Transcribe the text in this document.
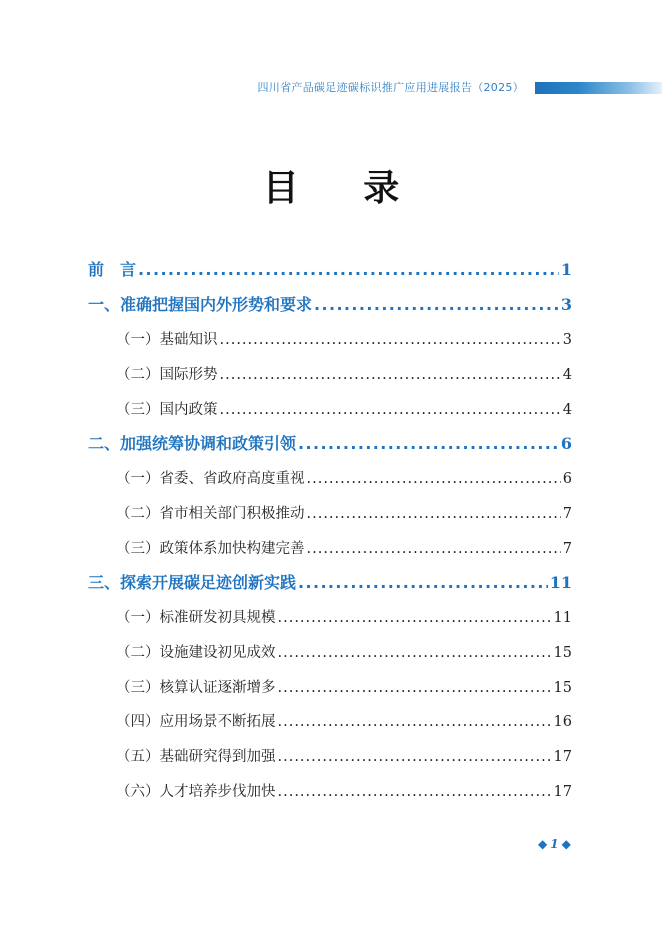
四川省产品碳足迹碳标识推广应用进展报告（2025）
目 录
前　言 .....	1
一、准确把握国内外形势和要求 .....	3
（一）基础知识 .....	3
（二）国际形势 .....	4
（三）国内政策 .....	4
二、加强统筹协调和政策引领 .....	6
（一）省委、省政府高度重视 .....	6
（二）省市相关部门积极推动 .....	7
（三）政策体系加快构建完善 .....	7
三、探索开展碳足迹创新实践 .....	11
（一）标准研发初具规模 .....	11
（二）设施建设初见成效 .....	15
（三）核算认证逐渐增多 .....	15
（四）应用场景不断拓展 .....	16
（五）基础研究得到加强 .....	17
（六）人才培养步伐加快 .....	17
◆ 1 ◆
